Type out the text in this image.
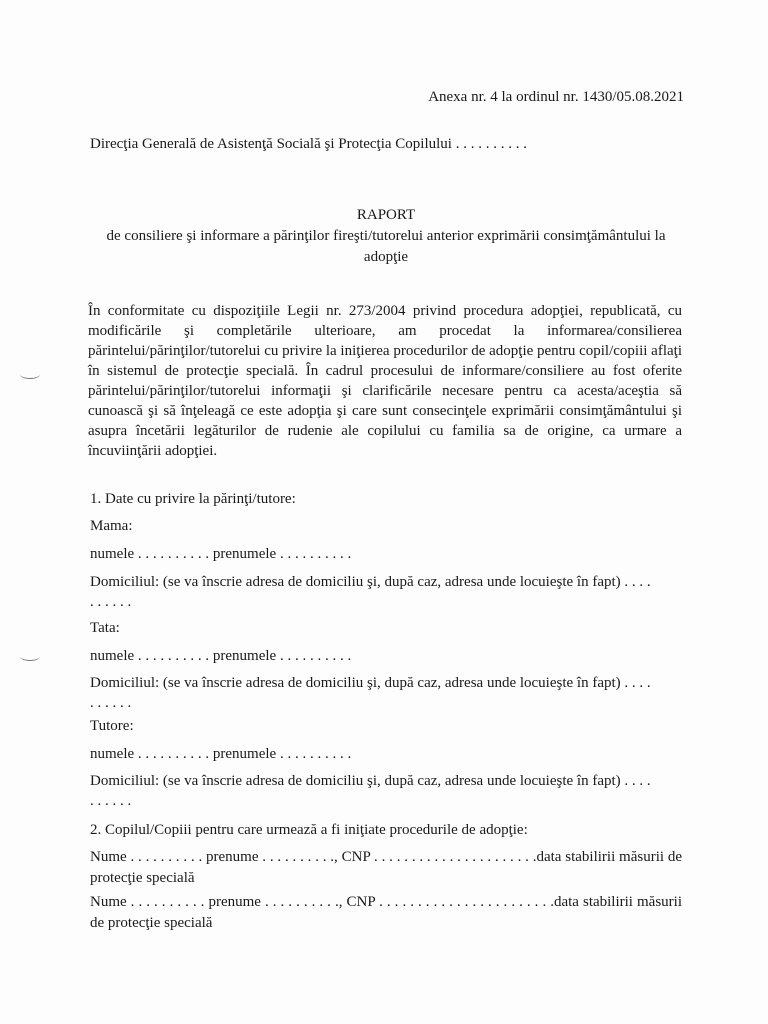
Anexa nr. 4 la ordinul nr. 1430/05.08.2021
Direcţia Generală de Asistenţă Socială şi Protecţia Copilului . . . . . . . . . .
RAPORT
de consiliere şi informare a părinţilor fireşti/tutorelui anterior exprimării consimţământului la adopţie
În conformitate cu dispoziţiile Legii nr. 273/2004 privind procedura adopţiei, republicată, cu modificările şi completările ulterioare, am procedat la informarea/consilierea părintelui/părinţilor/tutorelui cu privire la iniţierea procedurilor de adopţie pentru copil/copiii aflaţi în sistemul de protecţie specială. În cadrul procesului de informare/consiliere au fost oferite părintelui/părinţilor/tutorelui informaţii şi clarificările necesare pentru ca acesta/aceştia să cunoască şi să înţeleagă ce este adopţia şi care sunt consecinţele exprimării consimţământului şi asupra încetării legăturilor de rudenie ale copilului cu familia sa de origine, ca urmare a încuviinţării adopţiei.
1. Date cu privire la părinţi/tutore:
Mama:
numele . . . . . . . . . . prenumele . . . . . . . . . .
Domiciliul: (se va înscrie adresa de domiciliu şi, după caz, adresa unde locuieşte în fapt) . . . .
. . . . . .
Tata:
numele . . . . . . . . . . prenumele . . . . . . . . . .
Domiciliul: (se va înscrie adresa de domiciliu şi, după caz, adresa unde locuieşte în fapt) . . . .
. . . . . .
Tutore:
numele . . . . . . . . . . prenumele . . . . . . . . . .
Domiciliul: (se va înscrie adresa de domiciliu şi, după caz, adresa unde locuieşte în fapt) . . . .
. . . . . .
2. Copilul/Copiii pentru care urmează a fi iniţiate procedurile de adopţie:
Nume . . . . . . . . . . prenume . . . . . . . . . ., CNP . . . . . . . . . . . . . . . . . . . . . .data stabilirii măsurii de protecţie specială
Nume . . . . . . . . . . prenume . . . . . . . . . ., CNP . . . . . . . . . . . . . . . . . . . . . . .data stabilirii măsurii de protecţie specială
